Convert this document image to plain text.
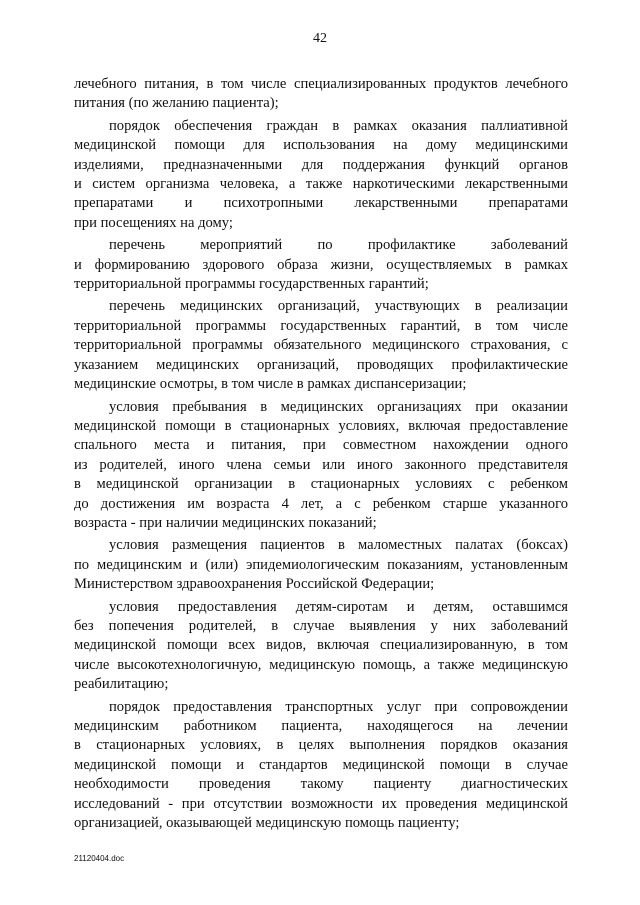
42
лечебного питания, в том числе специализированных продуктов лечебного
питания (по желанию пациента);
порядок обеспечения граждан в рамках оказания паллиативной
медицинской помощи для использования на дому медицинскими
изделиями, предназначенными для поддержания функций органов
и систем организма человека, а также наркотическими лекарственными
препаратами и психотропными лекарственными препаратами
при посещениях на дому;
перечень мероприятий по профилактике заболеваний
и формированию здорового образа жизни, осуществляемых в рамках
территориальной программы государственных гарантий;
перечень медицинских организаций, участвующих в реализации
территориальной программы государственных гарантий, в том числе
территориальной программы обязательного медицинского страхования, с
указанием медицинских организаций, проводящих профилактические
медицинские осмотры, в том числе в рамках диспансеризации;
условия пребывания в медицинских организациях при оказании
медицинской помощи в стационарных условиях, включая предоставление
спального места и питания, при совместном нахождении одного
из родителей, иного члена семьи или иного законного представителя
в медицинской организации в стационарных условиях с ребенком
до достижения им возраста 4 лет, а с ребенком старше указанного
возраста - при наличии медицинских показаний;
условия размещения пациентов в маломестных палатах (боксах)
по медицинским и (или) эпидемиологическим показаниям, установленным
Министерством здравоохранения Российской Федерации;
условия предоставления детям-сиротам и детям, оставшимся
без попечения родителей, в случае выявления у них заболеваний
медицинской помощи всех видов, включая специализированную, в том
числе высокотехнологичную, медицинскую помощь, а также медицинскую
реабилитацию;
порядок предоставления транспортных услуг при сопровождении
медицинским работником пациента, находящегося на лечении
в стационарных условиях, в целях выполнения порядков оказания
медицинской помощи и стандартов медицинской помощи в случае
необходимости проведения такому пациенту диагностических
исследований - при отсутствии возможности их проведения медицинской
организацией, оказывающей медицинскую помощь пациенту;
21120404.doc
